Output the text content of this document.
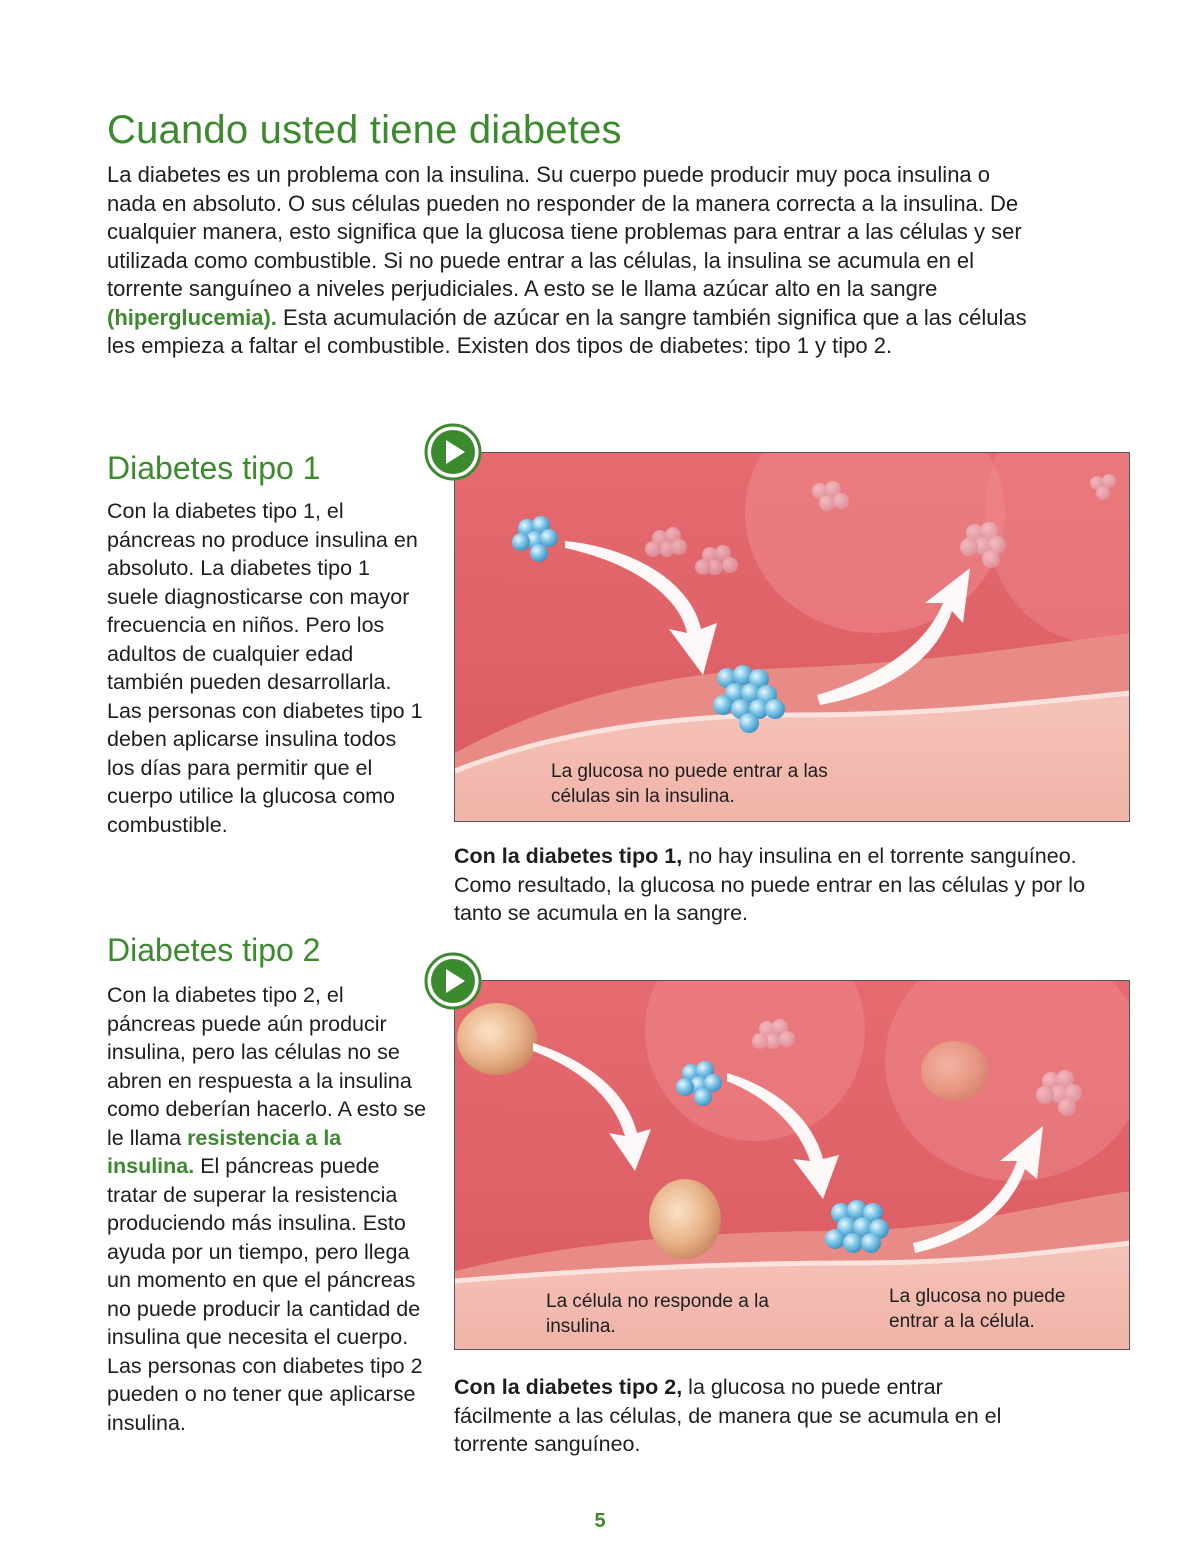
Cuando usted tiene diabetes

La diabetes es un problema con la insulina. Su cuerpo puede producir muy poca insulina o nada en absoluto. O sus células pueden no responder de la manera correcta a la insulina. De cualquier manera, esto significa que la glucosa tiene problemas para entrar a las células y ser utilizada como combustible. Si no puede entrar a las células, la insulina se acumula en el torrente sanguíneo a niveles perjudiciales. A esto se le llama azúcar alto en la sangre (hiperglucemia). Esta acumulación de azúcar en la sangre también significa que a las células les empieza a faltar el combustible. Existen dos tipos de diabetes: tipo 1 y tipo 2.

Diabetes tipo 1

Con la diabetes tipo 1, el páncreas no produce insulina en absoluto. La diabetes tipo 1 suele diagnosticarse con mayor frecuencia en niños. Pero los adultos de cualquier edad también pueden desarrollarla. Las personas con diabetes tipo 1 deben aplicarse insulina todos los días para permitir que el cuerpo utilice la glucosa como combustible.

La glucosa no puede entrar a las células sin la insulina.

Con la diabetes tipo 1, no hay insulina en el torrente sanguíneo. Como resultado, la glucosa no puede entrar en las células y por lo tanto se acumula en la sangre.

Diabetes tipo 2

Con la diabetes tipo 2, el páncreas puede aún producir insulina, pero las células no se abren en respuesta a la insulina como deberían hacerlo. A esto se le llama resistencia a la insulina. El páncreas puede tratar de superar la resistencia produciendo más insulina. Esto ayuda por un tiempo, pero llega un momento en que el páncreas no puede producir la cantidad de insulina que necesita el cuerpo. Las personas con diabetes tipo 2 pueden o no tener que aplicarse insulina.

La célula no responde a la insulina.
La glucosa no puede entrar a la célula.

Con la diabetes tipo 2, la glucosa no puede entrar fácilmente a las células, de manera que se acumula en el torrente sanguíneo.

5
